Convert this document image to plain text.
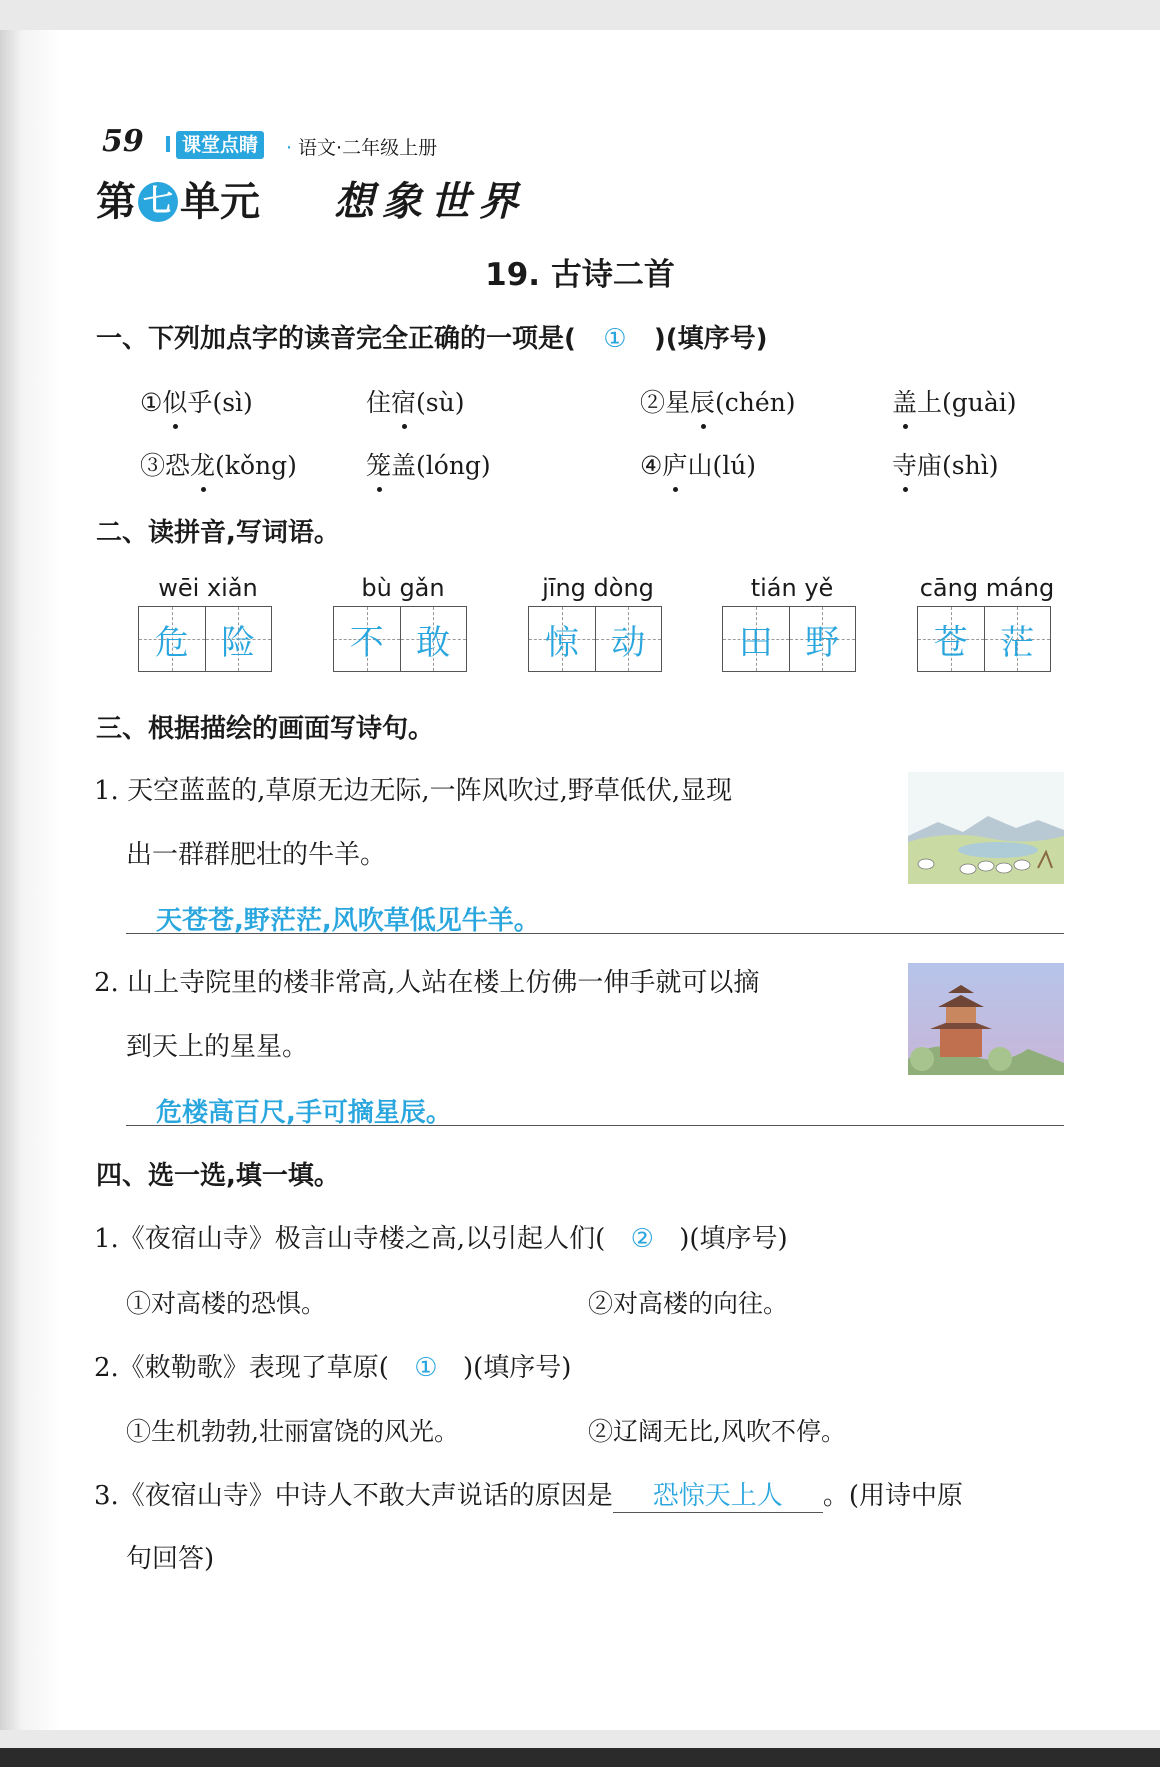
59	课堂点睛	· 语文·二年级上册
第 七 单元 想象世界
19. 古诗二首
一、下列加点字的读音完全正确的一项是( ① )(填序号)
①似乎(sì)	住宿(sù)	②星辰(chén)	盖上(guài)
③恐龙(kǒng)	笼盖(lóng)	④庐山(lú)	寺庙(shì)
二、读拼音,写词语。
wēi xiǎn
危 险
bù gǎn
不 敢
jīng dòng
惊 动
tián yě
田 野
cāng máng
苍 茫
三、根据描绘的画面写诗句。
1. 天空蓝蓝的,草原无边无际,一阵风吹过,野草低伏,显现
出一群群肥壮的牛羊。
天苍苍,野茫茫,风吹草低见牛羊。
2. 山上寺院里的楼非常高,人站在楼上仿佛一伸手就可以摘
到天上的星星。
危楼高百尺,手可摘星辰。
四、选一选,填一填。
1.《夜宿山寺》极言山寺楼之高,以引起人们( ② )(填序号)
①对高楼的恐惧。	②对高楼的向往。
2.《敕勒歌》表现了草原( ① )(填序号)
①生机勃勃,壮丽富饶的风光。	②辽阔无比,风吹不停。
3.《夜宿山寺》中诗人不敢大声说话的原因是 恐惊天上人 。(用诗中原
句回答)
